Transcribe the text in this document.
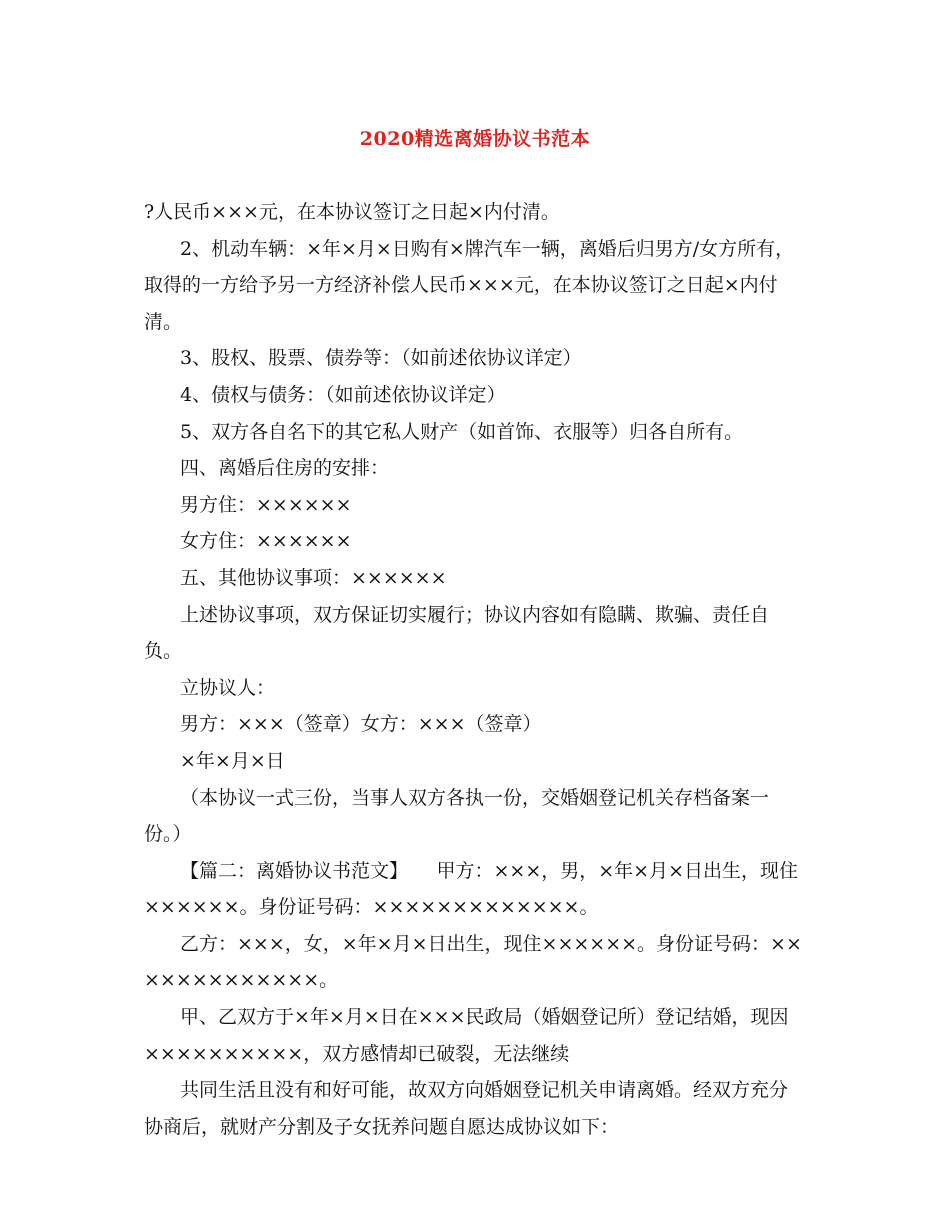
2020精选离婚协议书范本

?人民币×××元，在本协议签订之日起×内付清。

2、机动车辆：×年×月×日购有×牌汽车一辆，离婚后归男方/女方所有，取得的一方给予另一方经济补偿人民币×××元，在本协议签订之日起×内付清。

3、股权、股票、债券等：（如前述依协议详定）

4、债权与债务：（如前述依协议详定）

5、双方各自名下的其它私人财产（如首饰、衣服等）归各自所有。

四、离婚后住房的安排：

男方住：××××××

女方住：××××××

五、其他协议事项：××××××

上述协议事项，双方保证切实履行；协议内容如有隐瞒、欺骗、责任自负。

立协议人：

男方：×××（签章）女方：×××（签章）

×年×月×日

（本协议一式三份，当事人双方各执一份，交婚姻登记机关存档备案一份。）

【篇二：离婚协议书范文】　　甲方：×××，男，×年×月×日出生，现住××××××。身份证号码：×××××××××××××。

乙方：×××，女，×年×月×日出生，现住××××××。身份证号码：×××××××××××××。

甲、乙双方于×年×月×日在×××民政局（婚姻登记所）登记结婚，现因××××××××××，双方感情却已破裂，无法继续

共同生活且没有和好可能，故双方向婚姻登记机关申请离婚。经双方充分协商后，就财产分割及子女抚养问题自愿达成协议如下：
